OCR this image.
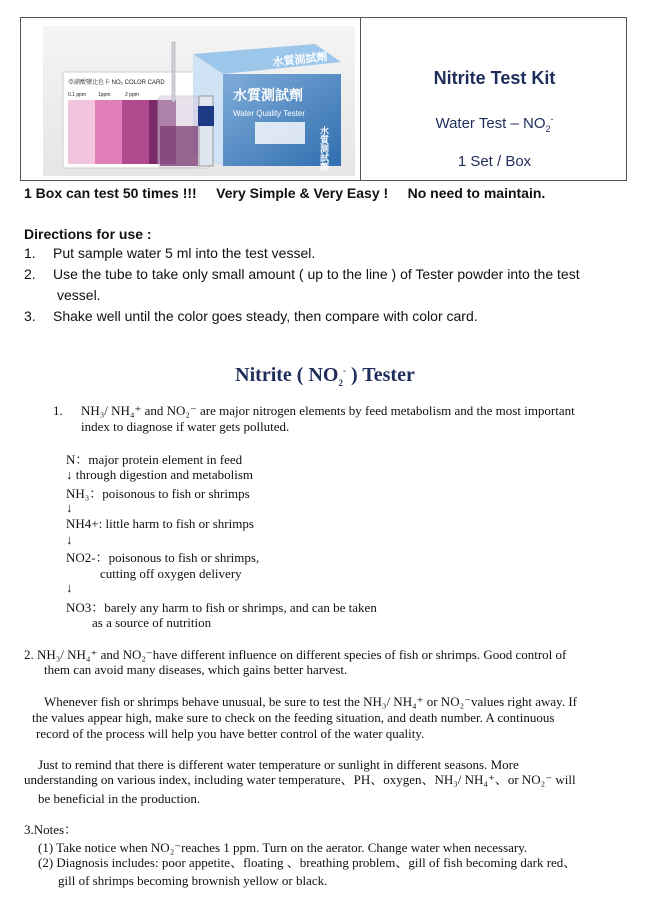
亞硝酸鹽比色卡 NO₂ COLOR CARD
0.1 ppm 1ppm	2 ppm
水質測試劑
水質測試劑
Water Quality Tester
水質測試劑
Nitrite Test Kit
Water Test – $NO_2^-$
1 Set / Box
1 Box can test 50 times !!!     Very Simple & Very Easy !     No need to maintain.
Directions for use :
1. Put sample water 5 ml into the test vessel.
2. Use the tube to take only small amount ( up to the line ) of Tester powder into the test
vessel.
3. Shake well until the color goes steady, then compare with color card.
Nitrite ( $NO_2^-$ ) Tester
1. NH₃/ NH₄⁺ and NO₂⁻ are major nitrogen elements by feed metabolism and the most important
index to diagnose if water gets polluted.
N：major protein element in feed
↓ through digestion and metabolism
NH₃：poisonous to fish or shrimps
↓
NH4+: little harm to fish or shrimps
↓
NO2-：poisonous to fish or shrimps,
cutting off oxygen delivery
↓
NO3：barely any harm to fish or shrimps, and can be taken
as a source of nutrition
2. NH₃/ NH₄⁺ and NO₂⁻have different influence on different species of fish or shrimps. Good control of
them can avoid many diseases, which gains better harvest.
Whenever fish or shrimps behave unusual, be sure to test the NH₃/ NH₄⁺ or NO₂⁻values right away. If
the values appear high, make sure to check on the feeding situation, and death number. A continuous
record of the process will help you have better control of the water quality.
Just to remind that there is different water temperature or sunlight in different seasons. More
understanding on various index, including water temperature、PH、oxygen、NH₃/ NH₄⁺、or NO₂⁻ will
be beneficial in the production.
3.Notes：
(1) Take notice when NO₂⁻reaches 1 ppm. Turn on the aerator. Change water when necessary.
(2) Diagnosis includes: poor appetite、floating 、breathing problem、gill of fish becoming dark red、
gill of shrimps becoming brownish yellow or black.
